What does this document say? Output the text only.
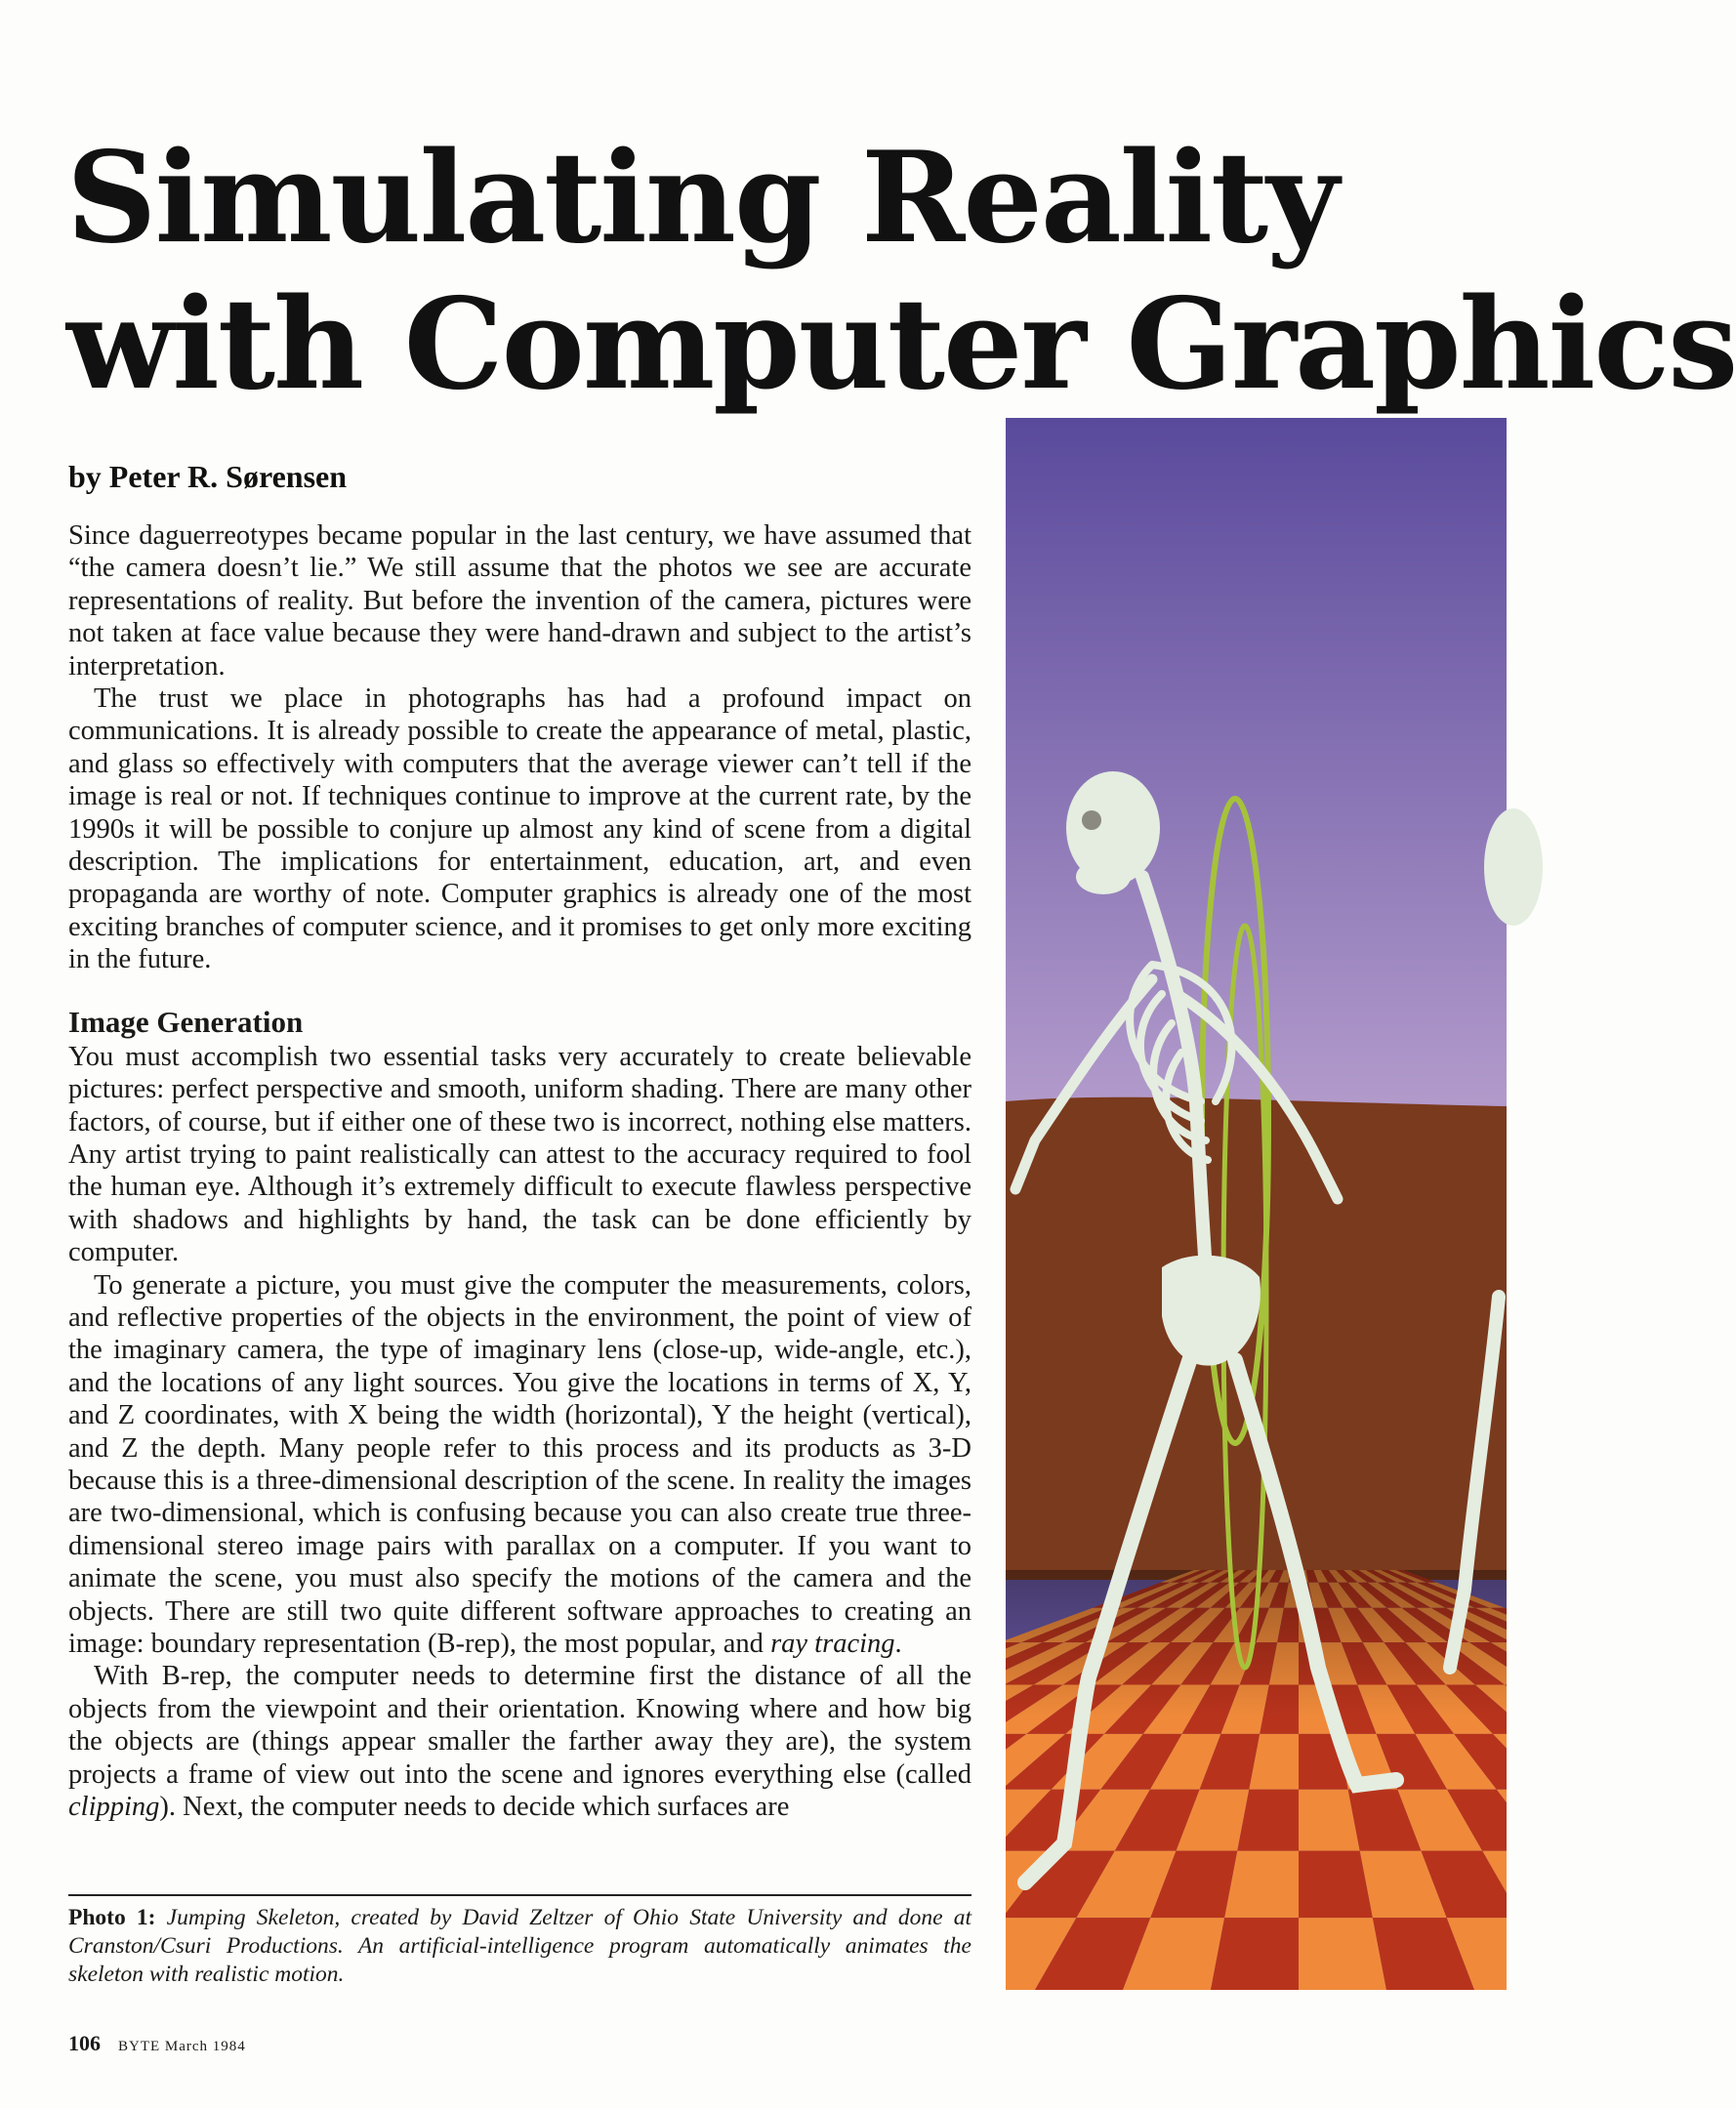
Simulating Reality
with Computer Graphics

by Peter R. Sørensen

Since daguerreotypes became popular in the last century, we have assumed that “the camera doesn’t lie.” We still assume that the photos we see are accurate representations of reality. But before the invention of the camera, pictures were not taken at face value because they were hand-drawn and subject to the artist’s interpretation.

The trust we place in photographs has had a profound impact on communications. It is already possible to create the appearance of metal, plastic, and glass so effectively with computers that the average viewer can’t tell if the image is real or not. If techniques continue to improve at the current rate, by the 1990s it will be possible to conjure up almost any kind of scene from a digital description. The implications for entertainment, education, art, and even propaganda are worthy of note. Computer graphics is already one of the most exciting branches of computer science, and it promises to get only more exciting in the future.

Image Generation

You must accomplish two essential tasks very accurately to create believable pictures: perfect perspective and smooth, uniform shading. There are many other factors, of course, but if either one of these two is incorrect, nothing else matters. Any artist trying to paint realistically can attest to the accuracy required to fool the human eye. Although it’s extremely difficult to execute flawless perspective with shadows and highlights by hand, the task can be done efficiently by computer.

To generate a picture, you must give the computer the measurements, colors, and reflective properties of the objects in the environment, the point of view of the imaginary camera, the type of imaginary lens (close-up, wide-angle, etc.), and the locations of any light sources. You give the locations in terms of X, Y, and Z coordinates, with X being the width (horizontal), Y the height (vertical), and Z the depth. Many people refer to this process and its products as 3-D because this is a three-dimensional description of the scene. In reality the images are two-dimensional, which is confusing because you can also create true three-dimensional stereo image pairs with parallax on a computer. If you want to animate the scene, you must also specify the motions of the camera and the objects. There are still two quite different software approaches to creating an image: boundary representation (B-rep), the most popular, and ray tracing.

With B-rep, the computer needs to determine first the distance of all the objects from the viewpoint and their orientation. Knowing where and how big the objects are (things appear smaller the farther away they are), the system projects a frame of view out into the scene and ignores everything else (called clipping). Next, the computer needs to decide which surfaces are

Photo 1: Jumping Skeleton, created by David Zeltzer of Ohio State University and done at Cranston/Csuri Productions. An artificial-intelligence program automatically animates the skeleton with realistic motion.

106 BYTE March 1984
